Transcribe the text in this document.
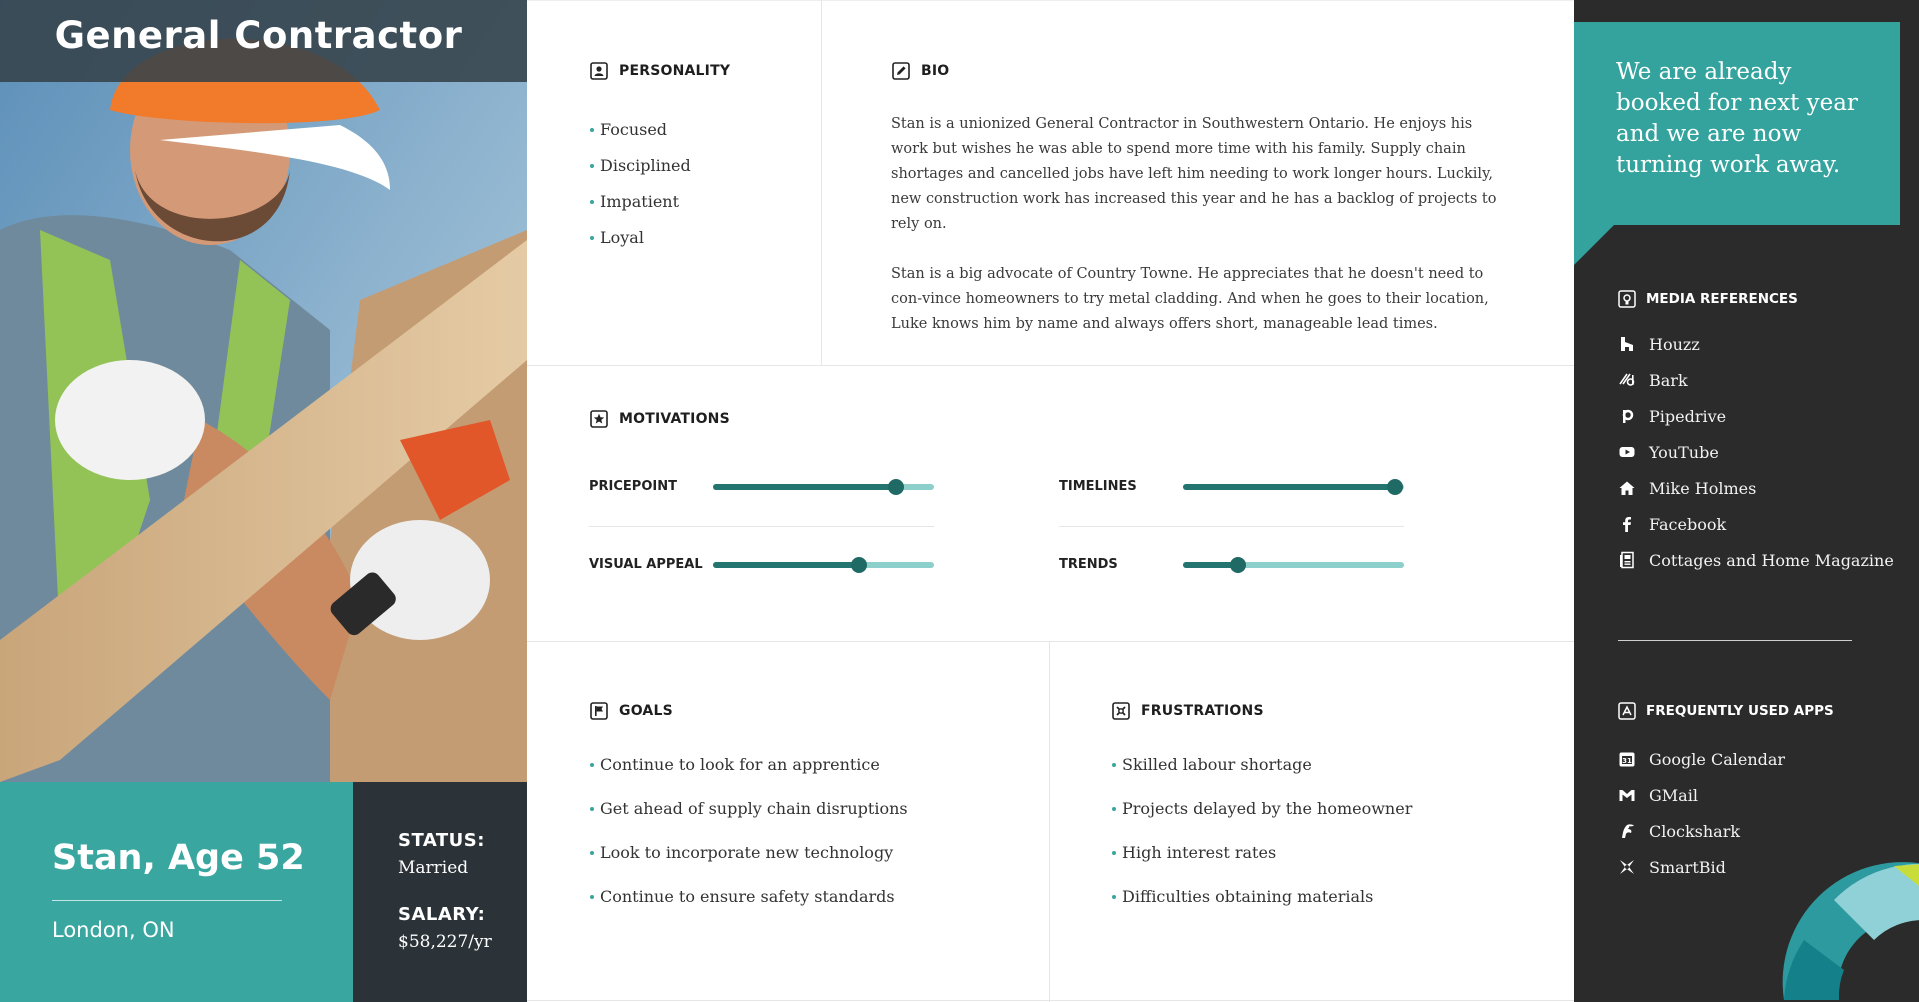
General Contractor
Stan, Age 52
London, ON
STATUS:
Married
SALARY:
$58,227/yr
PERSONALITY
Focused
Disciplined
Impatient
Loyal
BIO

Stan is a unionized General Contractor in Southwestern Ontario. He enjoys his work but wishes he was able to spend more time with his family. Supply chain shortages and cancelled jobs have left him needing to work longer hours. Luckily, new construction work has increased this year and he has a backlog of projects to rely on.

Stan is a big advocate of Country Towne. He appreciates that he doesn't need to con-vince homeowners to try metal cladding. And when he goes to their location, Luke knows him by name and always offers short, manageable lead times.

MOTIVATIONS
PRICEPOINT	TIMELINES
VISUAL APPEAL	TRENDS
GOALS
Continue to look for an apprentice
Get ahead of supply chain disruptions
Look to incorporate new technology
Continue to ensure safety standards
FRUSTRATIONS
Skilled labour shortage
Projects delayed by the homeowner
High interest rates
Difficulties obtaining materials
We are already booked for next year and we are now turning work away.
MEDIA REFERENCES
Houzz
Bark
Pipedrive
YouTube
Mike Holmes
Facebook
Cottages and Home Magazine
FREQUENTLY USED APPS
31 Google Calendar
GMail
Clockshark
SmartBid
